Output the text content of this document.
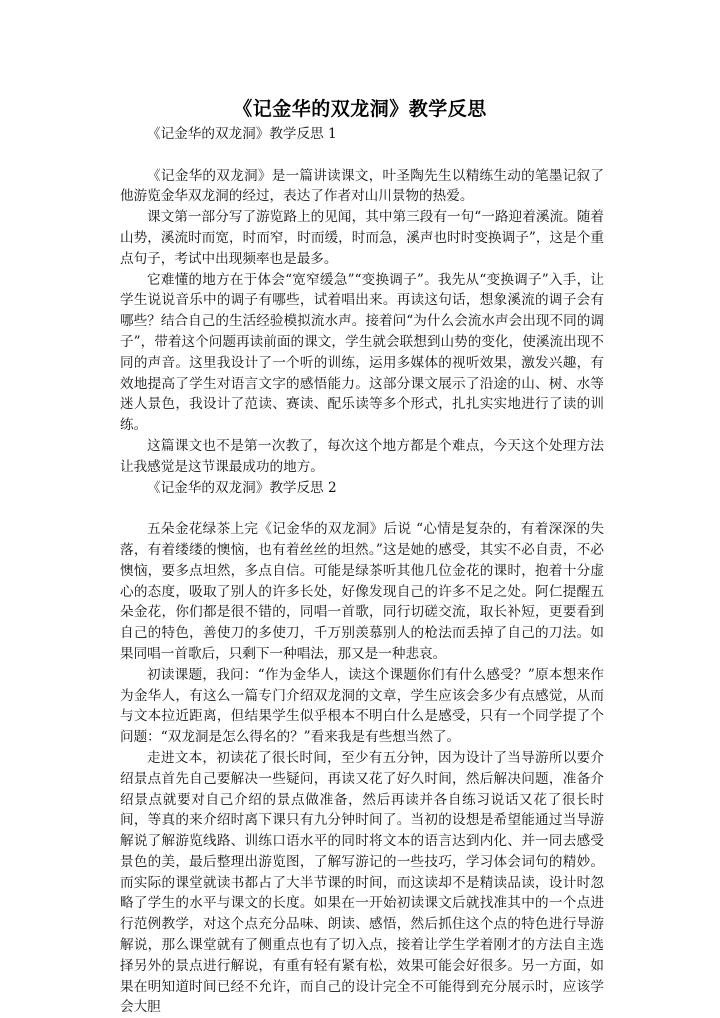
《记金华的双龙洞》教学反思
《记金华的双龙洞》教学反思 1

《记金华的双龙洞》是一篇讲读课文，叶圣陶先生以精练生动的笔墨记叙了他游览金华双龙洞的经过，表达了作者对山川景物的热爱。

课文第一部分写了游览路上的见闻，其中第三段有一句“一路迎着溪流。随着山势，溪流时而宽，时而窄，时而缓，时而急，溪声也时时变换调子”，这是个重点句子，考试中出现频率也是最多。

它难懂的地方在于体会“宽窄缓急”“变换调子”。我先从“变换调子”入手，让学生说说音乐中的调子有哪些，试着唱出来。再读这句话，想象溪流的调子会有哪些？结合自己的生活经验模拟流水声。接着问“为什么会流水声会出现不同的调子”，带着这个问题再读前面的课文，学生就会联想到山势的变化，使溪流出现不同的声音。这里我设计了一个听的训练，运用多媒体的视听效果，激发兴趣，有效地提高了学生对语言文字的感悟能力。这部分课文展示了沿途的山、树、水等迷人景色，我设计了范读、赛读、配乐读等多个形式，扎扎实实地进行了读的训练。

这篇课文也不是第一次教了，每次这个地方都是个难点，今天这个处理方法让我感觉是这节课最成功的地方。

《记金华的双龙洞》教学反思 2

五朵金花绿茶上完《记金华的双龙洞》后说 “心情是复杂的，有着深深的失落，有着缕缕的懊恼，也有着丝丝的坦然。”这是她的感受，其实不必自责，不必懊恼，要多点坦然，多点自信。可能是绿茶听其他几位金花的课时，抱着十分虚心的态度，吸取了别人的许多长处，好像发现自己的许多不足之处。阿仁提醒五朵金花，你们都是很不错的，同唱一首歌，同行切磋交流，取长补短，更要看到自己的特色，善使刀的多使刀，千万别羡慕别人的枪法而丢掉了自己的刀法。如果同唱一首歌后，只剩下一种唱法，那又是一种悲哀。

初读课题，我问：“作为金华人，读这个课题你们有什么感受？”原本想来作为金华人，有这么一篇专门介绍双龙洞的文章，学生应该会多少有点感觉，从而与文本拉近距离，但结果学生似乎根本不明白什么是感受，只有一个同学提了个问题：“双龙洞是怎么得名的？”看来我是有些想当然了。

走进文本，初读花了很长时间，至少有五分钟，因为设计了当导游所以要介绍景点首先自己要解决一些疑问，再读又花了好久时间，然后解决问题，准备介绍景点就要对自己介绍的景点做准备，然后再读并各自练习说话又花了很长时间，等真的来介绍时离下课只有九分钟时间了。当初的设想是希望能通过当导游解说了解游览线路、训练口语水平的同时将文本的语言达到内化、并一同去感受景色的美，最后整理出游览图，了解写游记的一些技巧，学习体会词句的精妙。而实际的课堂就读书都占了大半节课的时间，而这读却不是精读品读，设计时忽略了学生的水平与课文的长度。如果在一开始初读课文后就找准其中的一个点进行范例教学，对这个点充分品味、朗读、感悟，然后抓住这个点的特色进行导游解说，那么课堂就有了侧重点也有了切入点，接着让学生学着刚才的方法自主选择另外的景点进行解说，有重有轻有紧有松，效果可能会好很多。另一方面，如果在明知道时间已经不允许，而自己的设计完全不可能得到充分展示时，应该学会大胆
